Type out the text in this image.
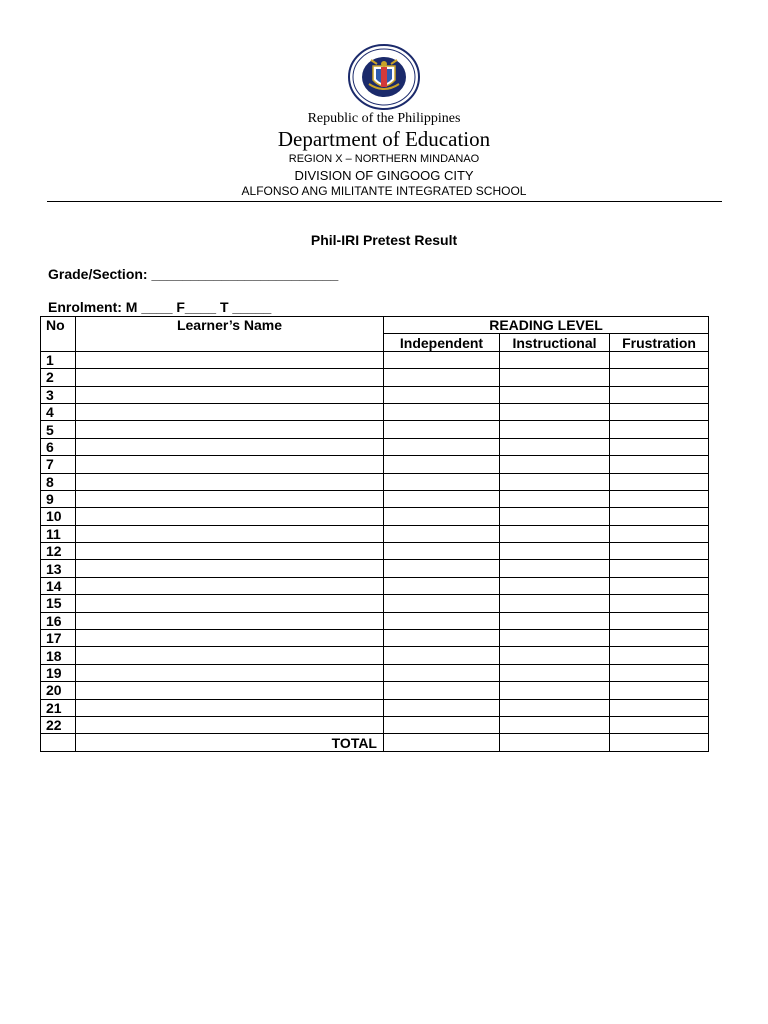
Republic of the Philippines
Department of Education
REGION X – NORTHERN MINDANAO
DIVISION OF GINGOOG CITY
ALFONSO ANG MILITANTE INTEGRATED SCHOOL
Phil-IRI Pretest Result
Grade/Section: ________________________
Enrolment: M ____ F____ T _____
No	Learner’s Name	READING LEVEL		
		Independent	Instructional	Frustration
1				
2				
3				
4				
5				
6				
7				
8				
9				
10				
11				
12				
13				
14				
15				
16				
17				
18				
19				
20				
21				
22				
	TOTAL			
